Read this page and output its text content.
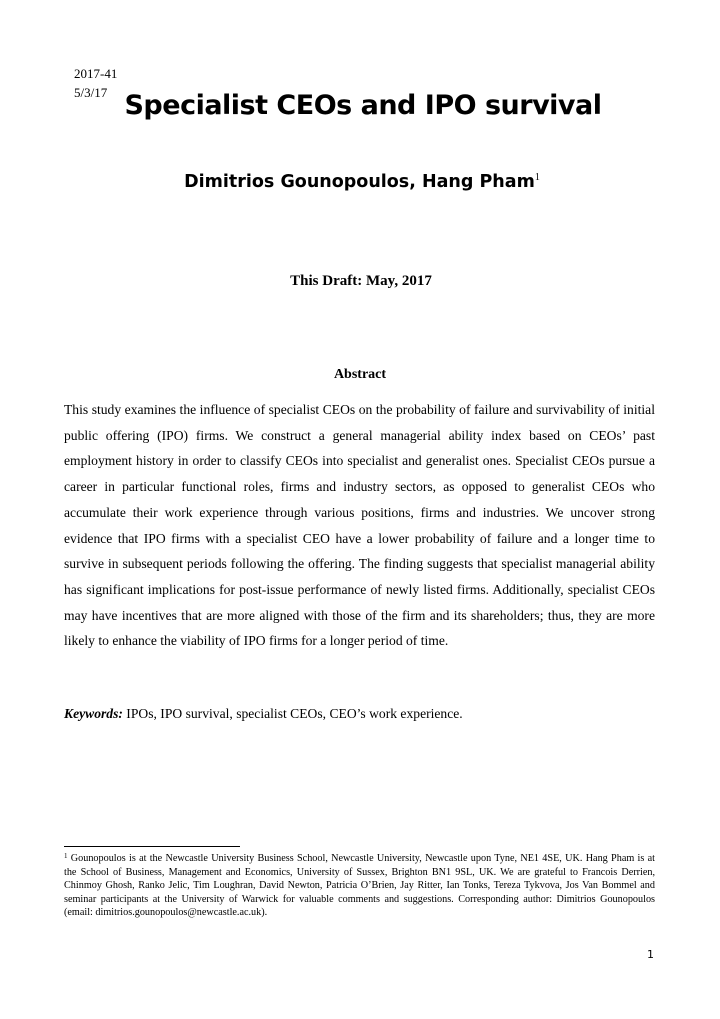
2017-41

5/3/17 Specialist CEOs and IPO survival

Dimitrios Gounopoulos, Hang Pham$^1$

This Draft: May, 2017

Abstract

This study examines the influence of specialist CEOs on the probability of failure and survivability of initial public offering (IPO) firms. We construct a general managerial ability index based on CEOs’ past employment history in order to classify CEOs into specialist and generalist ones. Specialist CEOs pursue a career in particular functional roles, firms and industry sectors, as opposed to generalist CEOs who accumulate their work experience through various positions, firms and industries. We uncover strong evidence that IPO firms with a specialist CEO have a lower probability of failure and a longer time to survive in subsequent periods following the offering. The finding suggests that specialist managerial ability has significant implications for post-issue performance of newly listed firms. Additionally, specialist CEOs may have incentives that are more aligned with those of the firm and its shareholders; thus, they are more likely to enhance the viability of IPO firms for a longer period of time.

Keywords: IPOs, IPO survival, specialist CEOs, CEO’s work experience.

$^1$ Gounopoulos is at the Newcastle University Business School, Newcastle University, Newcastle upon Tyne, NE1 4SE, UK. Hang Pham is at the School of Business, Management and Economics, University of Sussex, Brighton BN1 9SL, UK. We are grateful to Francois Derrien, Chinmoy Ghosh, Ranko Jelic, Tim Loughran, David Newton, Patricia O’Brien, Jay Ritter, Ian Tonks, Tereza Tykvova, Jos Van Bommel and seminar participants at the University of Warwick for valuable comments and suggestions. Corresponding author: Dimitrios Gounopoulos (email: dimitrios.gounopoulos@newcastle.ac.uk).

1
